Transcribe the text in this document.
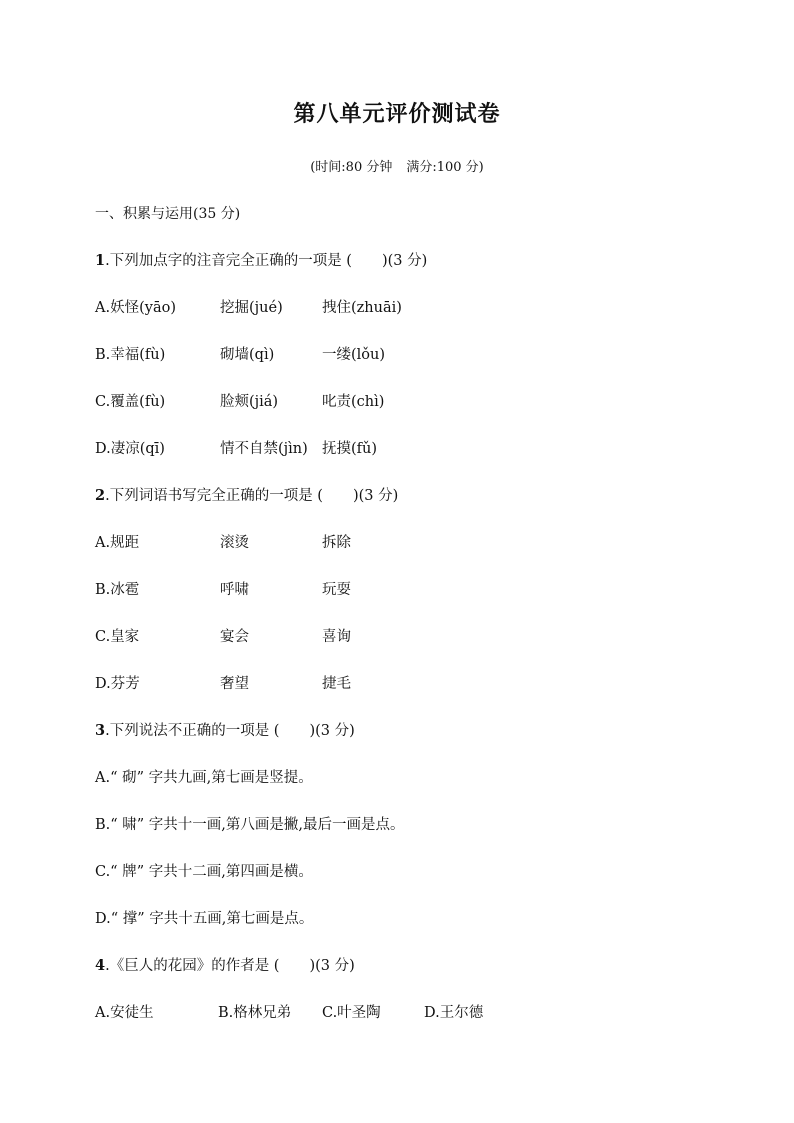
第八单元评价测试卷
(时间:80 分钟 满分:100 分)
一、积累与运用(35 分)
1.下列加点字的注音完全正确的一项是 ( )(3 分)
A.妖怪(yāo)	挖掘(jué)	拽住(zhuāi)
B.幸福(fù)	砌墙(qì)	一缕(lǒu)
C.覆盖(fù)	脸颊(jiá)	叱责(chì)
D.凄凉(qī)	情不自禁(jìn) 抚摸(fǔ)
2.下列词语书写完全正确的一项是 ( )(3 分)
A.规距	滚烫	拆除
B.冰雹	呼啸	玩耍
C.皇家	宴会	喜询
D.芬芳	奢望	捷毛
3.下列说法不正确的一项是 ( )(3 分)
A.“ 砌” 字共九画,第七画是竖提。
B.“ 啸” 字共十一画,第八画是撇,最后一画是点。
C.“ 牌” 字共十二画,第四画是横。
D.“ 撑” 字共十五画,第七画是点。
4.《巨人的花园》的作者是 ( )(3 分)
A.安徒生	B.格林兄弟 C.叶圣陶	D.王尔德
